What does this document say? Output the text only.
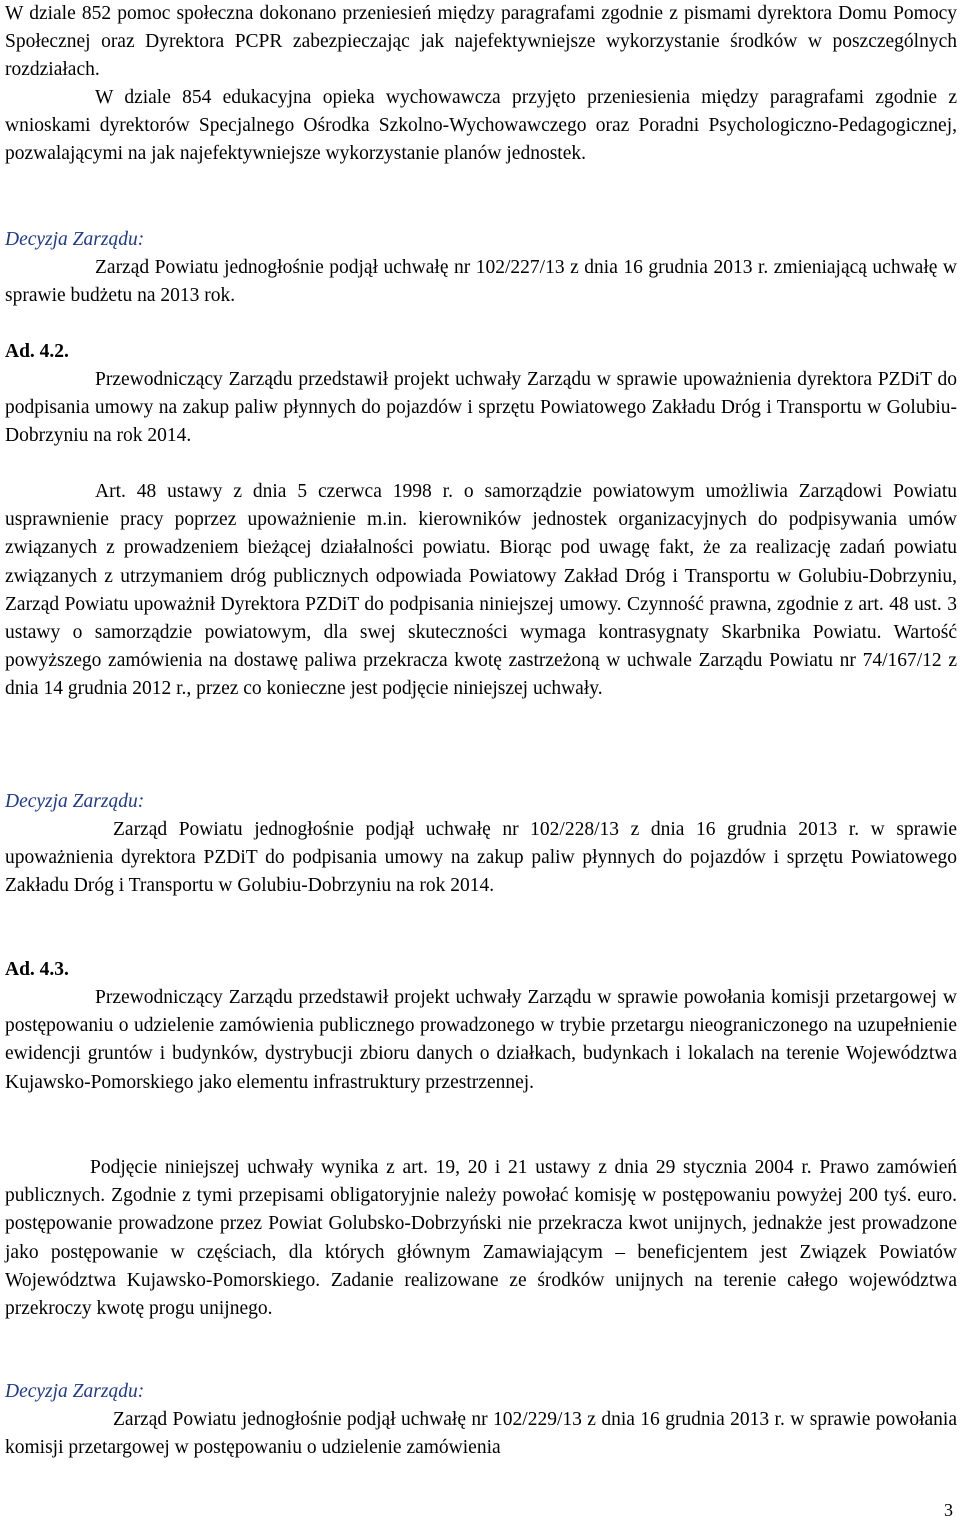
W dziale 852 pomoc społeczna dokonano przeniesień między paragrafami zgodnie z pismami dyrektora Domu Pomocy Społecznej oraz Dyrektora PCPR zabezpieczając jak najefektywniejsze wykorzystanie środków w poszczególnych rozdziałach.

W dziale 854 edukacyjna opieka wychowawcza przyjęto przeniesienia między paragrafami zgodnie z wnioskami dyrektorów Specjalnego Ośrodka Szkolno-Wychowawczego oraz Poradni Psychologiczno-Pedagogicznej, pozwalającymi na jak najefektywniejsze wykorzystanie planów jednostek.

Decyzja Zarządu:

Zarząd Powiatu jednogłośnie podjął uchwałę nr 102/227/13 z dnia 16 grudnia 2013 r. zmieniającą uchwałę w sprawie budżetu na 2013 rok.

Ad. 4.2.

Przewodniczący Zarządu przedstawił projekt uchwały Zarządu w sprawie upoważnienia dyrektora PZDiT do podpisania umowy na zakup paliw płynnych do pojazdów i sprzętu Powiatowego Zakładu Dróg i Transportu w Golubiu-Dobrzyniu na rok 2014.

Art. 48 ustawy z dnia 5 czerwca 1998 r. o samorządzie powiatowym umożliwia Zarządowi Powiatu usprawnienie pracy poprzez upoważnienie m.in. kierowników jednostek organizacyjnych do podpisywania umów związanych z prowadzeniem bieżącej działalności powiatu. Biorąc pod uwagę fakt, że za realizację zadań powiatu związanych z utrzymaniem dróg publicznych odpowiada Powiatowy Zakład Dróg i Transportu w Golubiu-Dobrzyniu, Zarząd Powiatu upoważnił Dyrektora PZDiT do podpisania niniejszej umowy. Czynność prawna, zgodnie z art. 48 ust. 3 ustawy o samorządzie powiatowym, dla swej skuteczności wymaga kontrasygnaty Skarbnika Powiatu. Wartość powyższego zamówienia na dostawę paliwa przekracza kwotę zastrzeżoną w uchwale Zarządu Powiatu nr 74/167/12 z dnia 14 grudnia 2012 r., przez co konieczne jest podjęcie niniejszej uchwały.

Decyzja Zarządu:

Zarząd Powiatu jednogłośnie podjął uchwałę nr 102/228/13 z dnia 16 grudnia 2013 r. w sprawie upoważnienia dyrektora PZDiT do podpisania umowy na zakup paliw płynnych do pojazdów i sprzętu Powiatowego Zakładu Dróg i Transportu w Golubiu-Dobrzyniu na rok 2014.

Ad. 4.3.

Przewodniczący Zarządu przedstawił projekt uchwały Zarządu w sprawie powołania komisji przetargowej w postępowaniu o udzielenie zamówienia publicznego prowadzonego w trybie przetargu nieograniczonego na uzupełnienie ewidencji gruntów i budynków, dystrybucji zbioru danych o działkach, budynkach i lokalach na terenie Województwa Kujawsko-Pomorskiego jako elementu infrastruktury przestrzennej.

Podjęcie niniejszej uchwały wynika z art. 19, 20 i 21 ustawy z dnia 29 stycznia 2004 r. Prawo zamówień publicznych. Zgodnie z tymi przepisami obligatoryjnie należy powołać komisję w postępowaniu powyżej 200 tyś. euro. postępowanie prowadzone przez Powiat Golubsko-Dobrzyński nie przekracza kwot unijnych, jednakże jest prowadzone jako postępowanie w częściach, dla których głównym Zamawiającym – beneficjentem jest Związek Powiatów Województwa Kujawsko-Pomorskiego. Zadanie realizowane ze środków unijnych na terenie całego województwa przekroczy kwotę progu unijnego.

Decyzja Zarządu:

Zarząd Powiatu jednogłośnie podjął uchwałę nr 102/229/13 z dnia 16 grudnia 2013 r. w sprawie powołania komisji przetargowej w postępowaniu o udzielenie zamówienia

3
